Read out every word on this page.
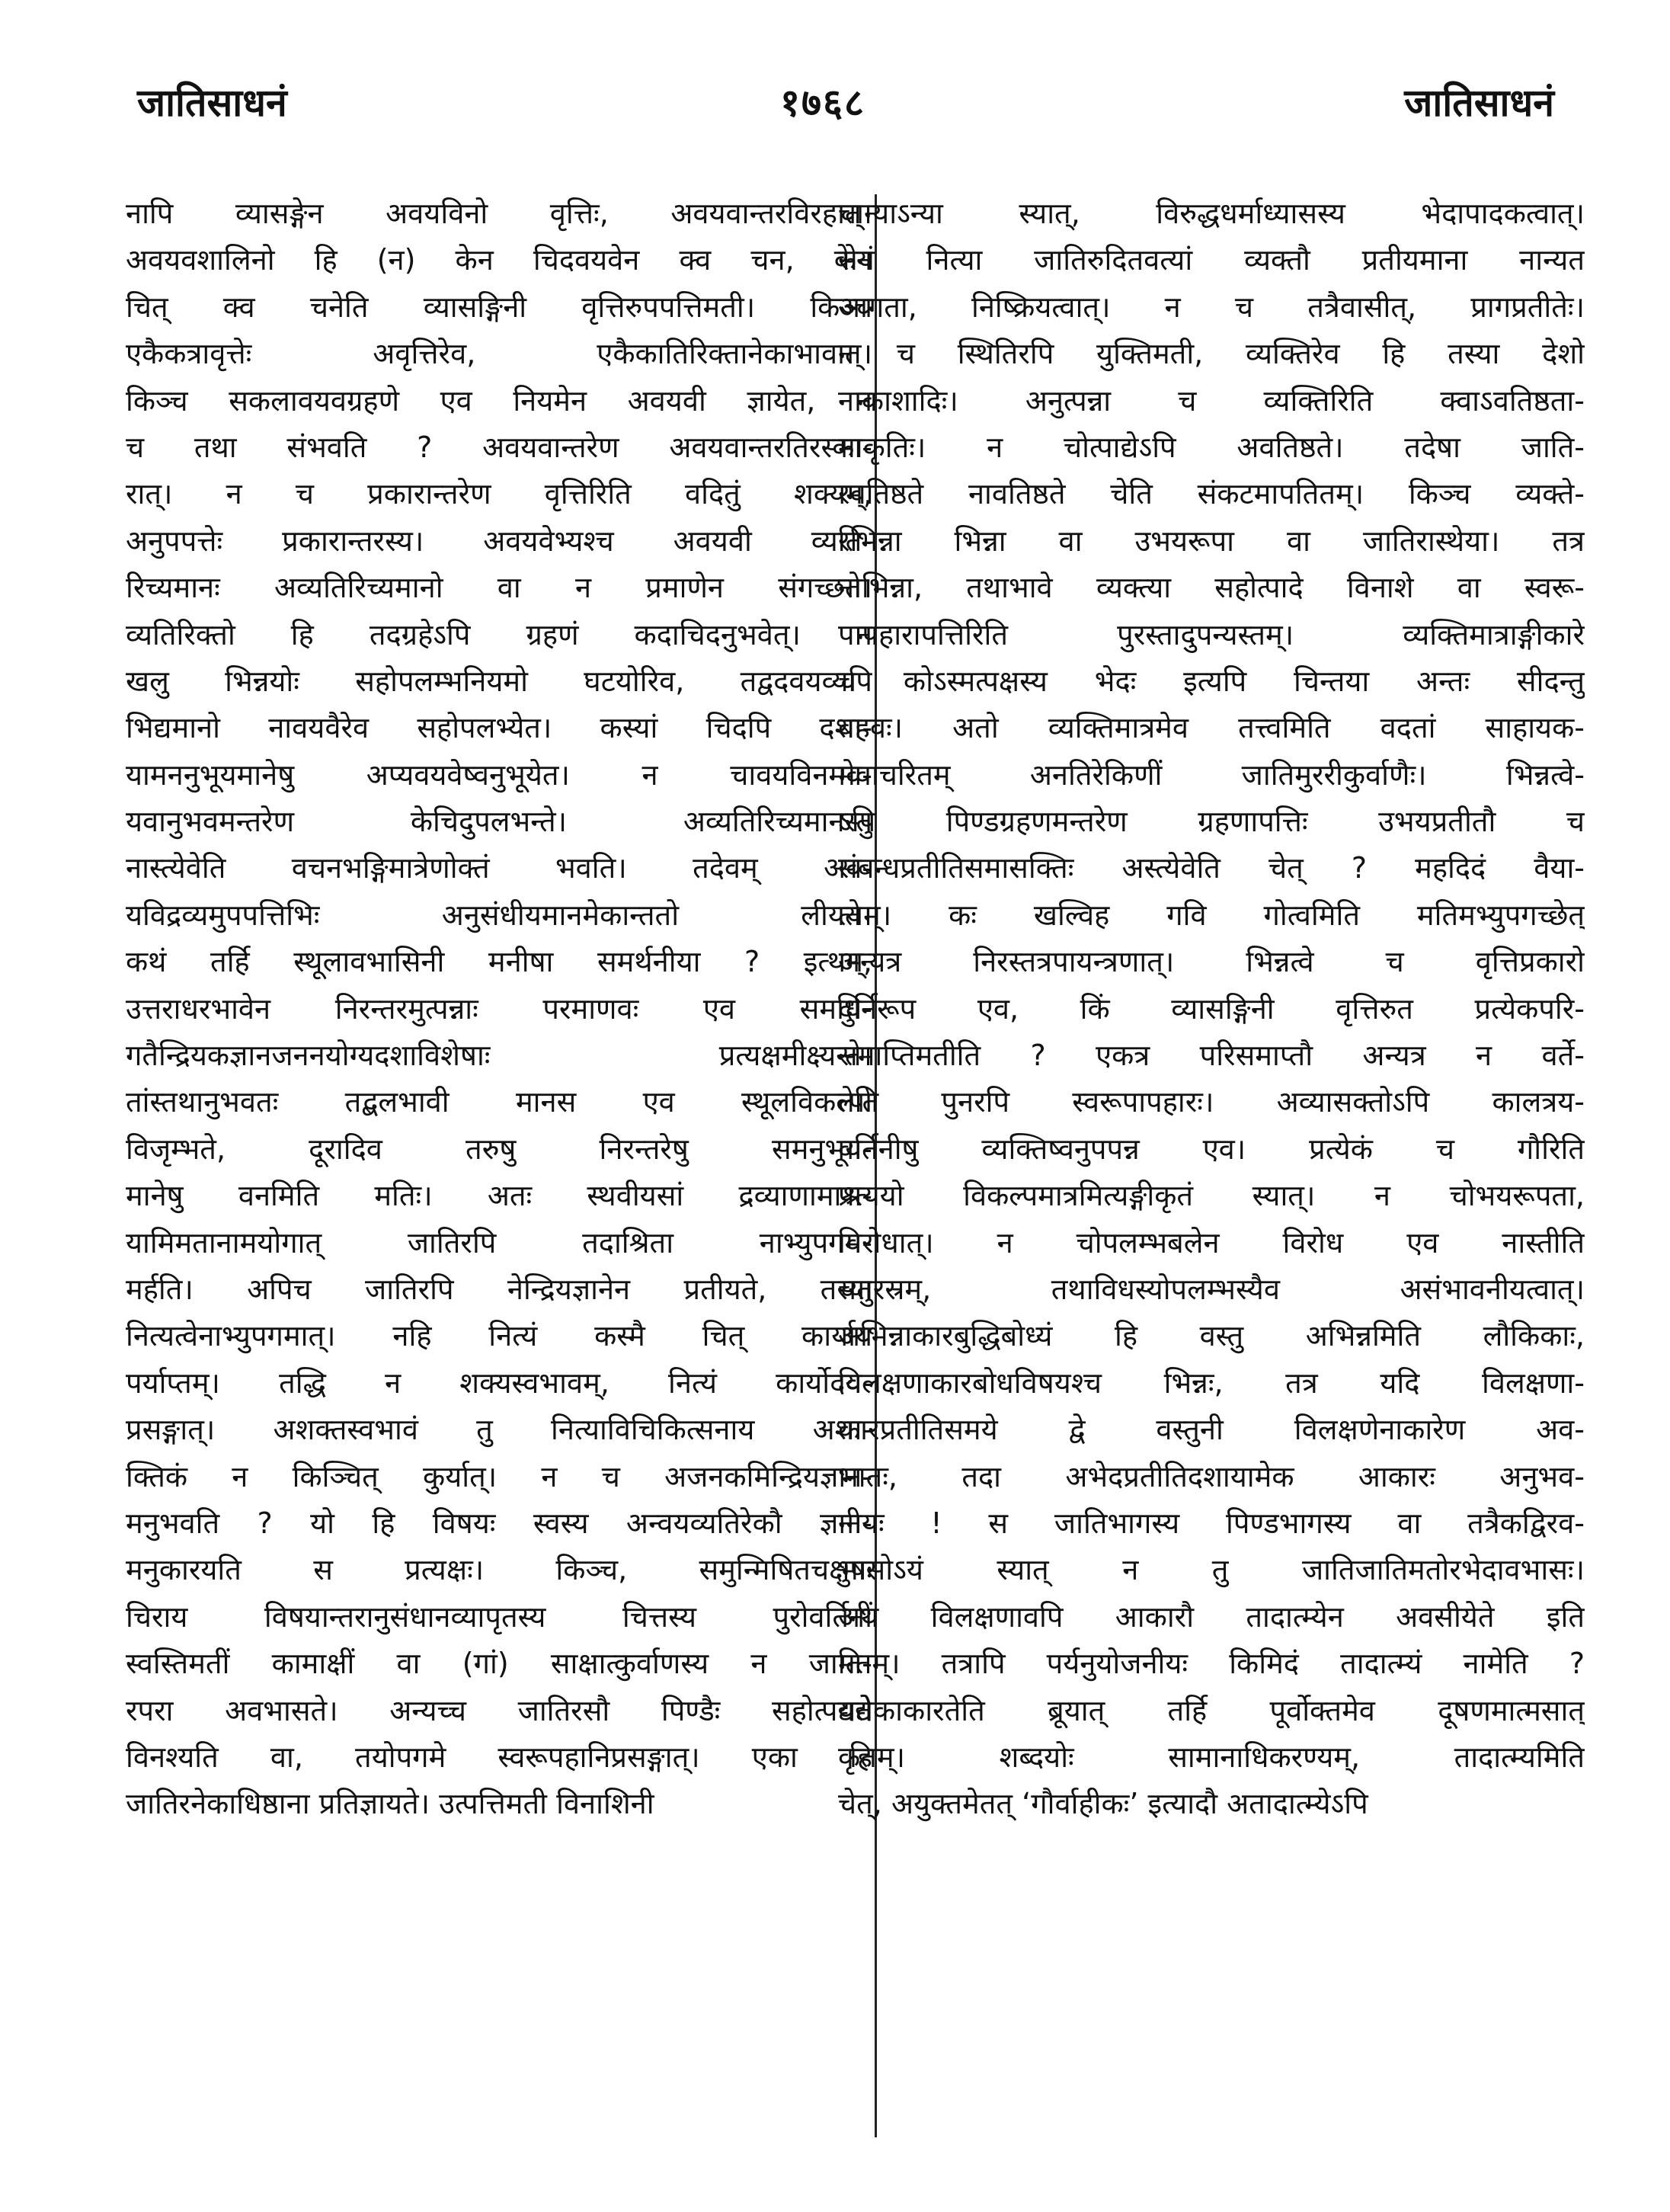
जातिसाधनं	१७६८	जातिसाधनं
नापि व्यासङ्गेन अवयविनो वृत्तिः, अवयवान्तरविरहात्।
अवयवशालिनो हि (न) केन चिदवयवेन क्व चन, केन
चित् क्व चनेति व्यासङ्गिनी वृत्तिरुपपत्तिमती। किञ्च
एकैकत्रावृत्तेः अवृत्तिरेव, एकैकातिरिक्तानेकाभावात्।
किञ्च सकलावयवग्रहणे एव नियमेन अवयवी ज्ञायेत, न
च तथा संभवति ? अवयवान्तरेण अवयवान्तरतिरस्का-
रात्। न च प्रकारान्तरेण वृत्तिरिति वदितुं शक्यम्,
अनुपपत्तेः प्रकारान्तरस्य। अवयवेभ्यश्च अवयवी व्यति-
रिच्यमानः अव्यतिरिच्यमानो वा न प्रमाणेन संगच्छते।
व्यतिरिक्तो हि तदग्रहेऽपि ग्रहणं कदाचिदनुभवेत्। न
खलु भिन्नयोः सहोपलम्भनियमो घटयोरिव, तद्वदवयव्यपि
भिद्यमानो नावयवैरेव सहोपलभ्येत। कस्यां चिदपि दशा-
यामननुभूयमानेषु अप्यवयवेष्वनुभूयेत। न चावयविनमव-
यवानुभवमन्तरेण केचिदुपलभन्ते। अव्यतिरिच्यमानस्तु
नास्त्येवेति वचनभङ्गिमात्रेणोक्तं भवति। तदेवम् अव-
यविद्रव्यमुपपत्तिभिः अनुसंधीयमानमेकान्ततो लीयते।
कथं तर्हि स्थूलावभासिनी मनीषा समर्थनीया ? इत्थम्,
उत्तराधरभावेन निरन्तरमुत्पन्नाः परमाणवः एव समधि-
गतैन्द्रियकज्ञानजननयोग्यदशाविशेषाः प्रत्यक्षमीक्ष्यन्ते।
तांस्तथानुभवतः तद्बलभावी मानस एव स्थूलविकल्पो
विजृम्भते, दूरादिव तरुषु निरन्तरेषु समनुभूय-
मानेषु वनमिति मतिः। अतः स्थवीयसां द्रव्याणामाश्र-
यामिमतानामयोगात् जातिरपि तदाश्रिता नाभ्युपगम-
मर्हति। अपिच जातिरपि नेन्द्रियज्ञानेन प्रतीयते, तस्या
नित्यत्वेनाभ्युपगमात्। नहि नित्यं कस्मै चित् कार्याय
पर्याप्तम्। तद्धि न शक्यस्वभावम्, नित्यं कार्योदय-
प्रसङ्गात्। अशक्तस्वभावं तु नित्याविचिकित्सनाय अशा-
क्तिकं न किञ्चित् कुर्यात्। न च अजनकमिन्द्रियज्ञान-
मनुभवति ? यो हि विषयः स्वस्य अन्वयव्यतिरेकौ ज्ञान-
मनुकारयति स प्रत्यक्षः। किञ्च, समुन्मिषितचक्षुषः
चिराय विषयान्तरानुसंधानव्यापृतस्य चित्तस्य पुरोवर्तिनीं
स्वस्तिमतीं कामाक्षीं वा (गां) साक्षात्कुर्वाणस्य न जाति-
रपरा अवभासते। अन्यच्च जातिरसौ पिण्डैः सहोत्पद्यते
विनश्यति वा, तयोपगमे स्वरूपहानिप्रसङ्गात्। एका हि
जातिरनेकाधिष्ठाना प्रतिज्ञायते। उत्पत्तिमती विनाशिनी
चान्याऽन्या स्यात्, विरुद्धधर्माध्यासस्य भेदापादकत्वात्।
सेयं नित्या जातिरुदितवत्यां व्यक्तौ प्रतीयमाना नान्यत
आगता, निष्क्रियत्वात्। न च तत्रैवासीत्, प्रागप्रतीतेः।
न च स्थितिरपि युक्तिमती, व्यक्तिरेव हि तस्या देशो
नाकाशादिः। अनुत्पन्ना च व्यक्तिरिति क्वाऽवतिष्ठता-
माकृतिः। न चोत्पाद्येऽपि अवतिष्ठते। तदेषा जाति-
रवतिष्ठते नावतिष्ठते चेति संकटमापतितम्। किञ्च व्यक्ते-
रभिन्ना भिन्ना वा उभयरूपा वा जातिरास्थेया। तत्र
नाभिन्ना, तथाभावे व्यक्त्या सहोत्पादे विनाशे वा स्वरू-
पापहारापत्तिरिति पुरस्तादुपन्यस्तम्। व्यक्तिमात्राङ्गीकारे
च कोऽस्मत्पक्षस्य भेदः इत्यपि चिन्तया अन्तः सीदन्तु
बहवः। अतो व्यक्तिमात्रमेव तत्त्वमिति वदतां साहायक-
मेवाचरितम् अनतिरेकिणीं जातिमुररीकुर्वाणैः। भिन्नत्वे-
ऽपि पिण्डग्रहणमन्तरेण ग्रहणापत्तिः उभयप्रतीतौ च
संबन्धप्रतीतिसमासक्तिः अस्त्येवेति चेत् ? महदिदं वैया-
त्यम्। कः खल्विह गवि गोत्वमिति मतिमभ्युपगच्छेत्
अन्यत्र निरस्तत्रपायन्त्रणात्। भिन्नत्वे च वृत्तिप्रकारो
दुर्निरूप एव, किं व्यासङ्गिनी वृत्तिरुत प्रत्येकपरि-
समाप्तिमतीति ? एकत्र परिसमाप्तौ अन्यत्र न वर्ते-
तेति पुनरपि स्वरूपापहारः। अव्यासक्तोऽपि कालत्रय-
वर्तिनीषु व्यक्तिष्वनुपपन्न एव। प्रत्येकं च गौरिति
प्रत्ययो विकल्पमात्रमित्यङ्गीकृतं स्यात्। न चोभयरूपता,
विरोधात्। न चोपलम्भबलेन विरोध एव नास्तीति
चतुरस्रम्, तथाविधस्योपलम्भस्यैव असंभावनीयत्वात्।
अभिन्नाकारबुद्धिबोध्यं हि वस्तु अभिन्नमिति लौकिकाः,
विलक्षणाकारबोधविषयश्च भिन्नः, तत्र यदि विलक्षणा-
कारप्रतीतिसमये द्वे वस्तुनी विलक्षणेनाकारेण अव-
भातः, तदा अभेदप्रतीतिदशायामेक आकारः अनुभव-
नीयः ! स जातिभागस्य पिण्डभागस्य वा तत्रैकद्विरव-
भासोऽयं स्यात् न तु जातिजातिमतोरभेदावभासः।
अथ विलक्षणावपि आकारौ तादात्म्येन अवसीयेते इति
मतम्। तत्रापि पर्यनुयोजनीयः किमिदं तादात्म्यं नामेति ?
यद्येकाकारतेति ब्रूयात् तर्हि पूर्वोक्तमेव दूषणमात्मसात्
कृतम्। शब्दयोः सामानाधिकरण्यम्, तादात्म्यमिति
चेत्, अयुक्तमेतत् ‘गौर्वाहीकः’ इत्यादौ अतादात्म्येऽपि
